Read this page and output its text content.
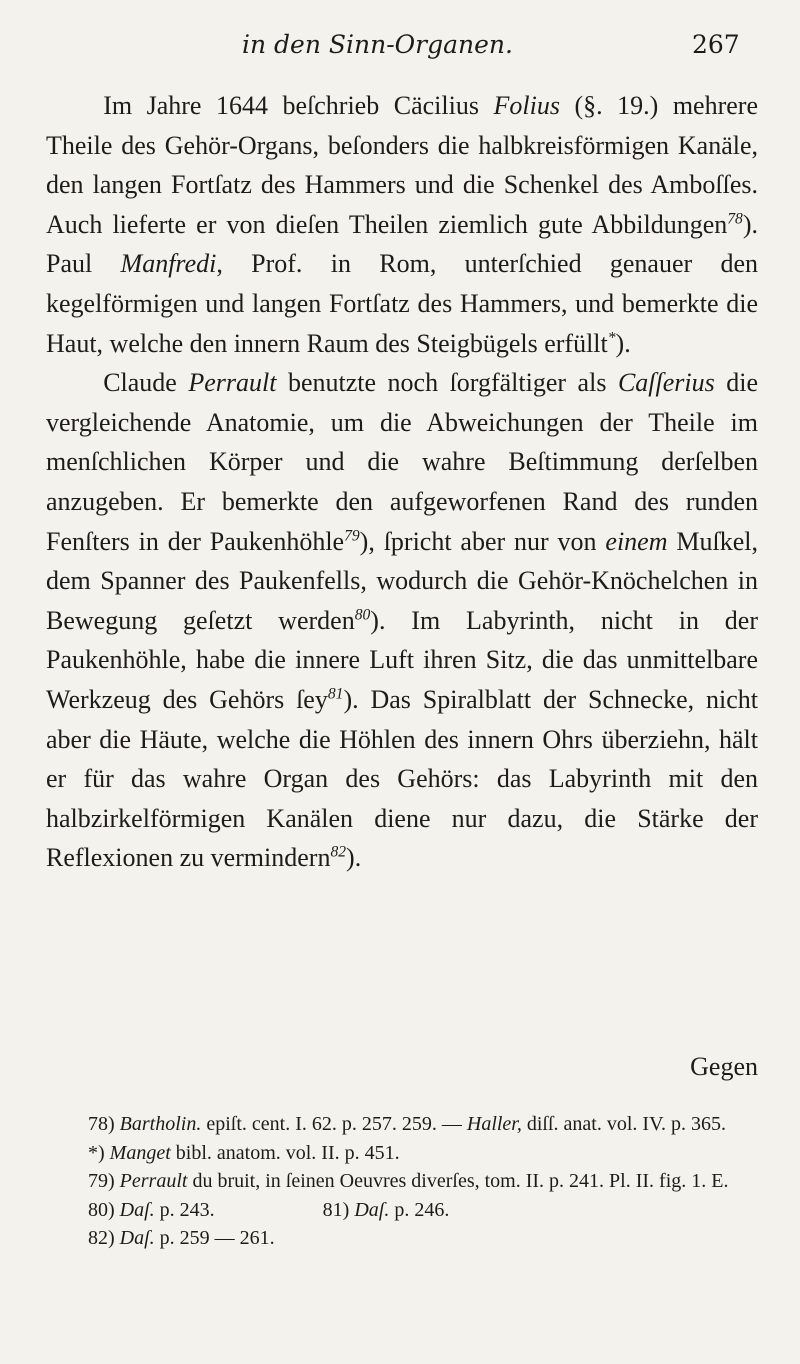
in den Sinn-Organen.	267

Im Jahre 1644 beſchrieb Cäcilius Folius (§. 19.) mehrere Theile des Gehör-Organs, beſonders die halbkreisförmigen Kanäle, den langen Fortſatz des Hammers und die Schenkel des Amboſſes. Auch lieferte er von dieſen Theilen ziemlich gute Abbildungen$^{78}$). Paul Manfredi, Prof. in Rom, unterſchied genauer den kegelförmigen und langen Fortſatz des Hammers, und bemerkte die Haut, welche den innern Raum des Steigbügels erfüllt*).

Claude Perrault benutzte noch ſorgfältiger als Caſſerius die vergleichende Anatomie, um die Abweichungen der Theile im menſchlichen Körper und die wahre Beſtimmung derſelben anzugeben. Er bemerkte den aufgeworfenen Rand des runden Fenſters in der Paukenhöhle$^{79}$), ſpricht aber nur von einem Muſkel, dem Spanner des Paukenfells, wodurch die Gehör-Knöchelchen in Bewegung geſetzt werden$^{80}$). Im Labyrinth, nicht in der Paukenhöhle, habe die innere Luft ihren Sitz, die das unmittelbare Werkzeug des Gehörs ſey$^{81}$). Das Spiralblatt der Schnecke, nicht aber die Häute, welche die Höhlen des innern Ohrs überziehn, hält er für das wahre Organ des Gehörs: das Labyrinth mit den halbzirkelförmigen Kanälen diene nur dazu, die Stärke der Reflexionen zu vermindern$^{82}$).

Gegen

78) Bartholin. epiſt. cent. I. 62. p. 257. 259. — Haller, diſſ. anat. vol. IV. p. 365.

*) Manget bibl. anatom. vol. II. p. 451.

79) Perrault du bruit, in ſeinen Oeuvres diverſes, tom. II. p. 241. Pl. II. fig. 1. E.

80) Daſ. p. 243.	81) Daſ. p. 246.

82) Daſ. p. 259 — 261.
